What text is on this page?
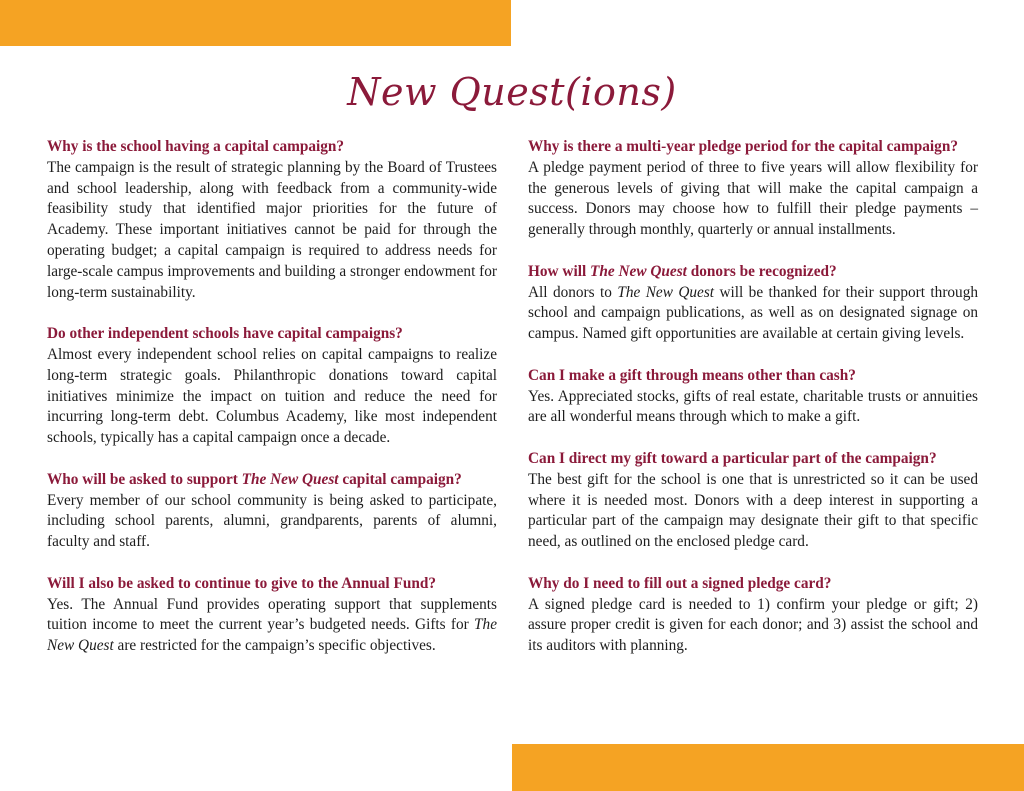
New Quest(ions)
Why is the school having a capital campaign?
The campaign is the result of strategic planning by the Board of Trustees and school leadership, along with feedback from a community-wide feasibility study that identified major priorities for the future of Academy. These important initiatives cannot be paid for through the operating budget; a capital campaign is required to address needs for large-scale campus improvements and building a stronger endowment for long-term sustainability.
Do other independent schools have capital campaigns?
Almost every independent school relies on capital campaigns to realize long-term strategic goals. Philanthropic donations toward capital initiatives minimize the impact on tuition and reduce the need for incurring long-term debt. Columbus Academy, like most independent schools, typically has a capital campaign once a decade.
Who will be asked to support The New Quest capital campaign?
Every member of our school community is being asked to participate, including school parents, alumni, grandparents, parents of alumni, faculty and staff.
Will I also be asked to continue to give to the Annual Fund?
Yes. The Annual Fund provides operating support that supplements tuition income to meet the current year’s budgeted needs. Gifts for The New Quest are restricted for the campaign’s specific objectives.
Why is there a multi-year pledge period for the capital campaign?
A pledge payment period of three to five years will allow flexibility for the generous levels of giving that will make the capital campaign a success. Donors may choose how to fulfill their pledge payments – generally through monthly, quarterly or annual installments.
How will The New Quest donors be recognized?
All donors to The New Quest will be thanked for their support through school and campaign publications, as well as on designated signage on campus. Named gift opportunities are available at certain giving levels.
Can I make a gift through means other than cash?
Yes. Appreciated stocks, gifts of real estate, charitable trusts or annuities are all wonderful means through which to make a gift.
Can I direct my gift toward a particular part of the campaign?
The best gift for the school is one that is unrestricted so it can be used where it is needed most. Donors with a deep interest in supporting a particular part of the campaign may designate their gift to that specific need, as outlined on the enclosed pledge card.
Why do I need to fill out a signed pledge card?
A signed pledge card is needed to 1) confirm your pledge or gift; 2) assure proper credit is given for each donor; and 3) assist the school and its auditors with planning.
